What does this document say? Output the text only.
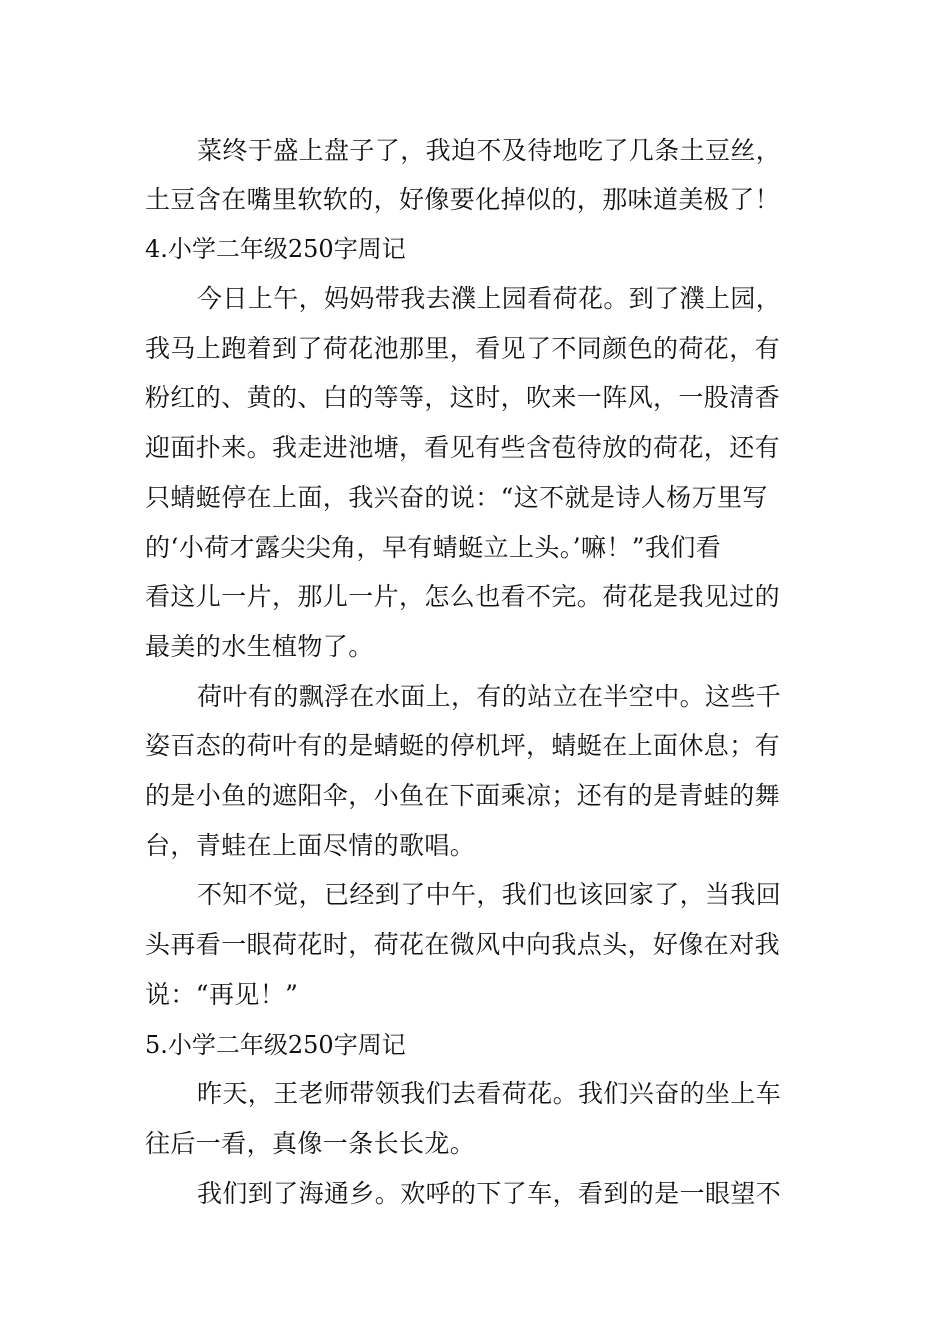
菜终于盛上盘子了，我迫不及待地吃了几条土豆丝，
土豆含在嘴里软软的，好像要化掉似的，那味道美极了！
4.小学二年级250字周记
今日上午，妈妈带我去濮上园看荷花。到了濮上园，
我马上跑着到了荷花池那里，看见了不同颜色的荷花，有
粉红的、黄的、白的等等，这时，吹来一阵风，一股清香
迎面扑来。我走进池塘，看见有些含苞待放的荷花，还有
只蜻蜓停在上面，我兴奋的说：“这不就是诗人杨万里写
的‘小荷才露尖尖角，早有蜻蜓立上头。’嘛！”我们看
看这儿一片，那儿一片，怎么也看不完。荷花是我见过的
最美的水生植物了。
荷叶有的飘浮在水面上，有的站立在半空中。这些千
姿百态的荷叶有的是蜻蜓的停机坪，蜻蜓在上面休息；有
的是小鱼的遮阳伞，小鱼在下面乘凉；还有的是青蛙的舞
台，青蛙在上面尽情的歌唱。
不知不觉，已经到了中午，我们也该回家了，当我回
头再看一眼荷花时，荷花在微风中向我点头，好像在对我
说：“再见！”
5.小学二年级250字周记
昨天，王老师带领我们去看荷花。我们兴奋的坐上车
往后一看，真像一条长长龙。
我们到了海通乡。欢呼的下了车，看到的是一眼望不
